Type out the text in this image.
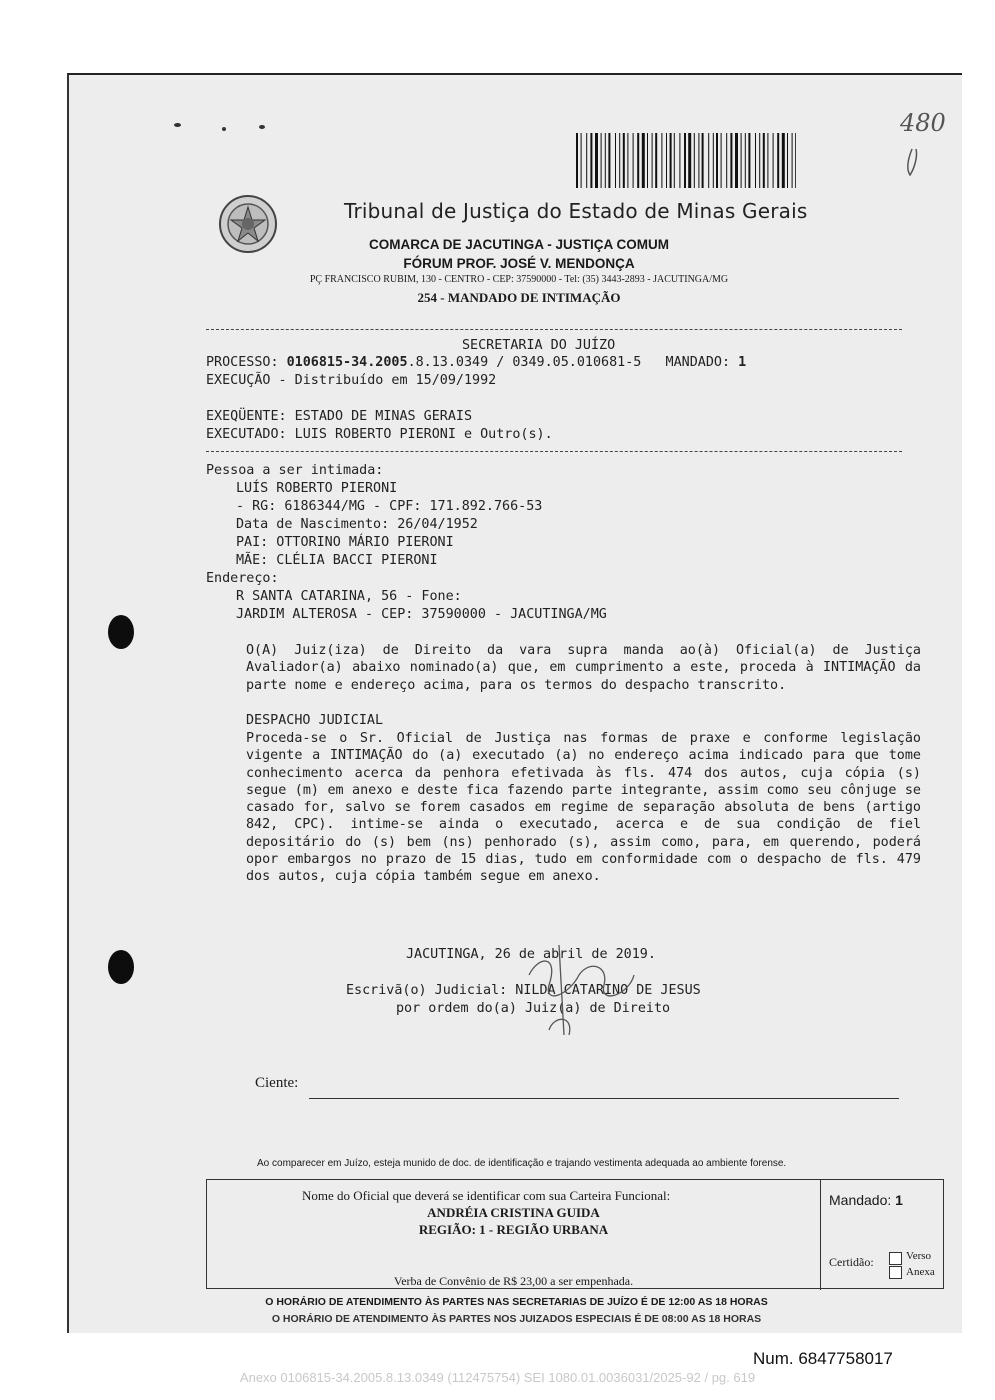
480
Tribunal de Justiça do Estado de Minas Gerais
COMARCA DE JACUTINGA - JUSTIÇA COMUM
FÓRUM PROF. JOSÉ V. MENDONÇA
PÇ FRANCISCO RUBIM, 130 - CENTRO - CEP: 37590000 - Tel: (35) 3443-2893 - JACUTINGA/MG
254 - MANDADO DE INTIMAÇÃO
SECRETARIA DO JUÍZO
PROCESSO: 0106815-34.2005.8.13.0349 / 0349.05.010681-5 MANDADO: 1
EXECUÇÃO - Distribuído em 15/09/1992
EXEQÜENTE: ESTADO DE MINAS GERAIS
EXECUTADO: LUIS ROBERTO PIERONI e Outro(s).
Pessoa a ser intimada:
LUÍS ROBERTO PIERONI
- RG: 6186344/MG - CPF: 171.892.766-53
Data de Nascimento: 26/04/1952
PAI: OTTORINO MÁRIO PIERONI
MÃE: CLÉLIA BACCI PIERONI
Endereço:
R SANTA CATARINA, 56 - Fone:
JARDIM ALTEROSA - CEP: 37590000 - JACUTINGA/MG
O(A) Juiz(iza) de Direito da vara supra manda ao(à) Oficial(a) de Justiça Avaliador(a) abaixo nominado(a) que, em cumprimento a este, proceda à INTIMAÇÃO da parte nome e endereço acima, para os termos do despacho transcrito.
DESPACHO JUDICIAL
Proceda-se o Sr. Oficial de Justiça nas formas de praxe e conforme legislação vigente a INTIMAÇÃO do (a) executado (a) no endereço acima indicado para que tome conhecimento acerca da penhora efetivada às fls. 474 dos autos, cuja cópia (s) segue (m) em anexo e deste fica fazendo parte integrante, assim como seu cônjuge se casado for, salvo se forem casados em regime de separação absoluta de bens (artigo 842, CPC). intime-se ainda o executado, acerca e de sua condição de fiel depositário do (s) bem (ns) penhorado (s), assim como, para, em querendo, poderá opor embargos no prazo de 15 dias, tudo em conformidade com o despacho de fls. 479 dos autos, cuja cópia também segue em anexo.
JACUTINGA, 26 de abril de 2019.
Escrivã(o) Judicial: NILDA CATARINO DE JESUS
por ordem do(a) Juiz(a) de Direito
Ciente:
Ao comparecer em Juízo, esteja munido de doc. de identificação e trajando vestimenta adequada ao ambiente forense.
Nome do Oficial que deverá se identificar com sua Carteira Funcional:
ANDRÉIA CRISTINA GUIDA
REGIÃO: 1 - REGIÃO URBANA
Verba de Convênio de R$ 23,00 a ser empenhada.
Mandado: 1
Certidão:	Verso
Anexa
O HORÁRIO DE ATENDIMENTO ÀS PARTES NAS SECRETARIAS DE JUÍZO É DE 12:00 AS 18 HORAS
O HORÁRIO DE ATENDIMENTO ÀS PARTES NOS JUIZADOS ESPECIAIS É DE 08:00 AS 18 HORAS
Num. 6847758017
Anexo 0106815-34.2005.8.13.0349 (112475754) SEI 1080.01.0036031/2025-92 / pg. 619
